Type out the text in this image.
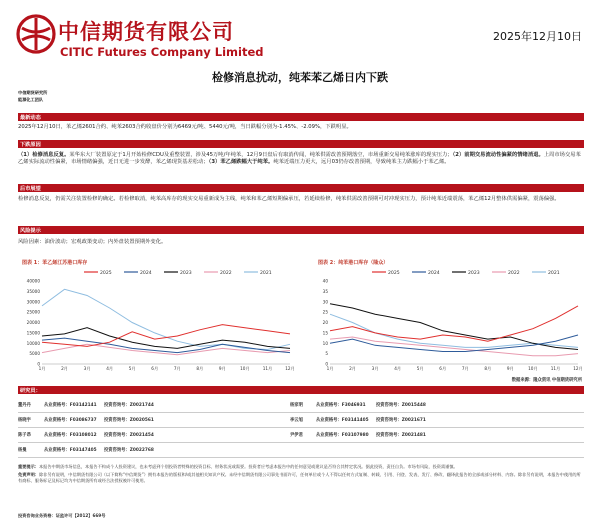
中信期货有限公司
CITIC Futures Company Limited
2025年12月10日
检修消息扰动，纯苯苯乙烯日内下跌
中信期货研究所
能源化工团队
最新动态
2025年12月10日，苯乙烯2601合约、纯苯2603合约收盘价分别为6469元/吨、5440元/吨，当日跌幅分别为-1.45%、-2.09%，下跌明显。
下跌原因
（1）检修消息反复。某华东大厂装置原定于1月开始检修CDU及重整装置，涉及45万吨/年纯苯，12月9日盘后有取消传闻，纯苯供需改善预期落空，市场重新交易纯苯涨库的现实压力；（2）前期交易流动性偏紧的情绪消退。上周市场交易苯乙烯实际流动性偏紧，市场情绪偏强，近日无进一步发酵，苯乙烯现货基差松动；（3）苯乙烯跌幅大于纯苯。纯苯近端压力更大，远月03仍存改善预期，导致纯苯主力跌幅小于苯乙烯。
后市展望
检修消息反复，仍需关注装置检修的确定。若检修取消，纯苯高库存的现实交易重新成为主线，纯苯和苯乙烯短期偏承压，若延续检修，纯苯供需改善预期可对冲现实压力，预计纯苯近端震荡，苯乙烯12月整体供需偏紧，震荡偏强。
风险提示
风险因素：油价波动；宏观政策变动；内外盘装置预期外变化。
图表 1：苯乙烯江苏港口库存	图表 2：纯苯港口库存（隆众）
2025	2024	2023	2022	2021
40000
35000
30000
25000
20000
15000
10000
5000
0
1月	2月	3月	4月	5月	6月	7月	8月	9月	10月	11月	12月
2025	2024	2023	2022	2021
40
35
30
25
20
15
10
5
0
1月	2月	3月	4月	5月	6月	7月	8月	9月	10月	11月	12月
数据来源：隆众资讯 中信期货研究所
研究员：
董丹丹	从业资格号：F03142141 投资咨询号：Z0021744	杨家明	从业资格号：F3046931 投资咨询号：Z0015448
杨晓宇	从业资格号：F03086737 投资咨询号：Z0020561	李云旭	从业资格号：F03141405 投资咨询号：Z0021671
陈子昂	从业资格号：F03108012 投资咨询号：Z0021454	尹伊君	从业资格号：F03107980 投资咨询号：Z0021481
杨曼	从业资格号：F03147405 投资咨询号：Z0022768
重要提示：本报告中期货市场信息，本报告不构成个人投资建议，也未考虑到个别投资者特殊的投资目标、财务状况或需要。投资者应考虑本报告中的任何意见或建议是否符合其特定状况。据此投资，责任自负。市场有风险，投资需谨慎。
免责声明：除非另有说明，中信期货有限公司（以下简称“中信期货”）拥有本报告的版权和/或其他相关知识产权。未经中信期货有限公司事先书面许可，任何单位或个人不得以任何方式复制、转载、引用、刊登、发表、发行、修改、翻译此报告的全部或部分材料、内容。除非另有说明，本报告中使用的所有商标、服务标记及标记均为中信期货所有或经合法授权被许可使用。
投资咨询业务资格：证监许可【2012】669号
